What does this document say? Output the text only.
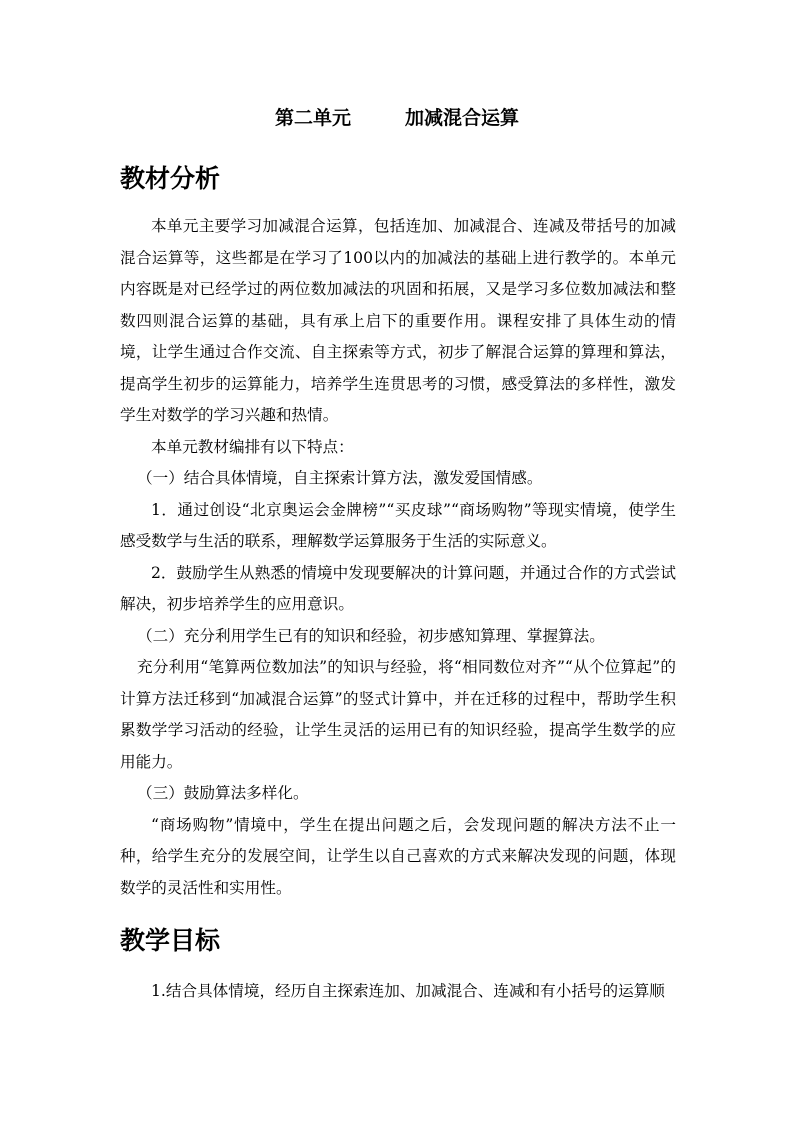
第二单元	加减混合运算
教材分析

本单元主要学习加减混合运算，包括连加、加减混合、连减及带括号的加减混合运算等，这些都是在学习了100以内的加减法的基础上进行教学的。本单元内容既是对已经学过的两位数加减法的巩固和拓展，又是学习多位数加减法和整数四则混合运算的基础，具有承上启下的重要作用。课程安排了具体生动的情境，让学生通过合作交流、自主探索等方式，初步了解混合运算的算理和算法，提高学生初步的运算能力，培养学生连贯思考的习惯，感受算法的多样性，激发学生对数学的学习兴趣和热情。

本单元教材编排有以下特点：

（一）结合具体情境，自主探索计算方法，激发爱国情感。

1．通过创设“北京奥运会金牌榜”“买皮球”“商场购物”等现实情境，使学生感受数学与生活的联系，理解数学运算服务于生活的实际意义。

2．鼓励学生从熟悉的情境中发现要解决的计算问题，并通过合作的方式尝试解决，初步培养学生的应用意识。

（二）充分利用学生已有的知识和经验，初步感知算理、掌握算法。

充分利用“笔算两位数加法”的知识与经验，将“相同数位对齐”“从个位算起”的计算方法迁移到“加减混合运算”的竖式计算中，并在迁移的过程中，帮助学生积累数学学习活动的经验，让学生灵活的运用已有的知识经验，提高学生数学的应用能力。

（三）鼓励算法多样化。

“商场购物”情境中，学生在提出问题之后，会发现问题的解决方法不止一种，给学生充分的发展空间，让学生以自己喜欢的方式来解决发现的问题，体现数学的灵活性和实用性。

教学目标

1.结合具体情境，经历自主探索连加、加减混合、连减和有小括号的运算顺
